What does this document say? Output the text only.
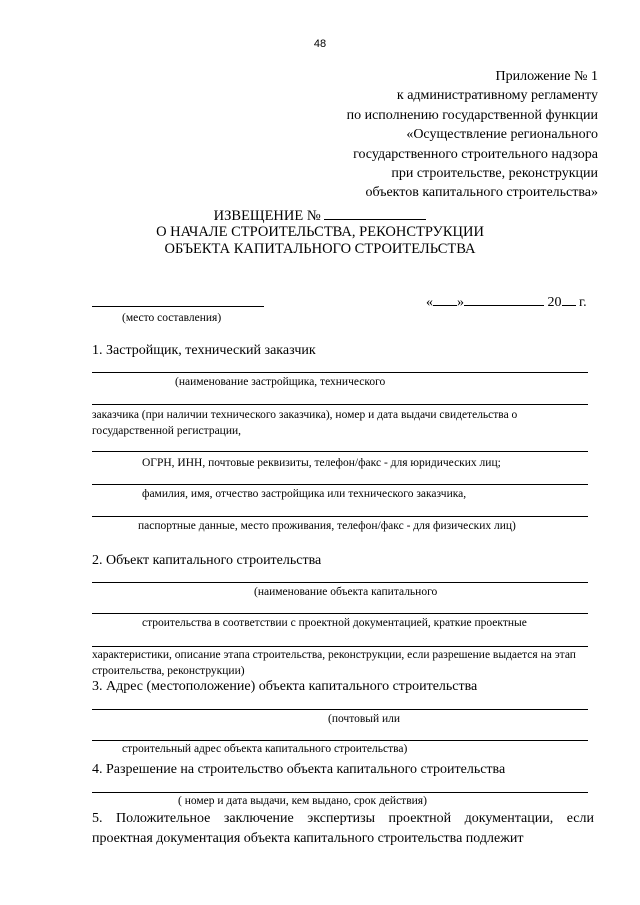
48
Приложение № 1
к административному регламенту
по исполнению государственной функции
«Осуществление регионального
государственного строительного надзора
при строительстве, реконструкции
объектов капитального строительства»
ИЗВЕЩЕНИЕ №
О НАЧАЛЕ СТРОИТЕЛЬСТВА, РЕКОНСТРУКЦИИ
ОБЪЕКТА КАПИТАЛЬНОГО СТРОИТЕЛЬСТВА
(место составления)
« »	20 г.
1. Застройщик, технический заказчик
(наименование застройщика, технического
заказчика (при наличии технического заказчика), номер и дата выдачи свидетельства о государственной регистрации,
ОГРН, ИНН, почтовые реквизиты, телефон/факс - для юридических лиц;
фамилия, имя, отчество застройщика или технического заказчика,
паспортные данные, место проживания, телефон/факс - для физических лиц)
2. Объект капитального строительства
(наименование объекта капитального
строительства в соответствии с проектной документацией, краткие проектные
характеристики, описание этапа строительства, реконструкции, если разрешение выдается на этап строительства, реконструкции)
3. Адрес (местоположение) объекта капитального строительства
(почтовый или
строительный адрес объекта капитального строительства)
4. Разрешение на строительство объекта капитального строительства
( номер и дата выдачи, кем выдано, срок действия)
5. Положительное заключение экспертизы проектной документации, если проектная документация объекта капитального строительства подлежит
